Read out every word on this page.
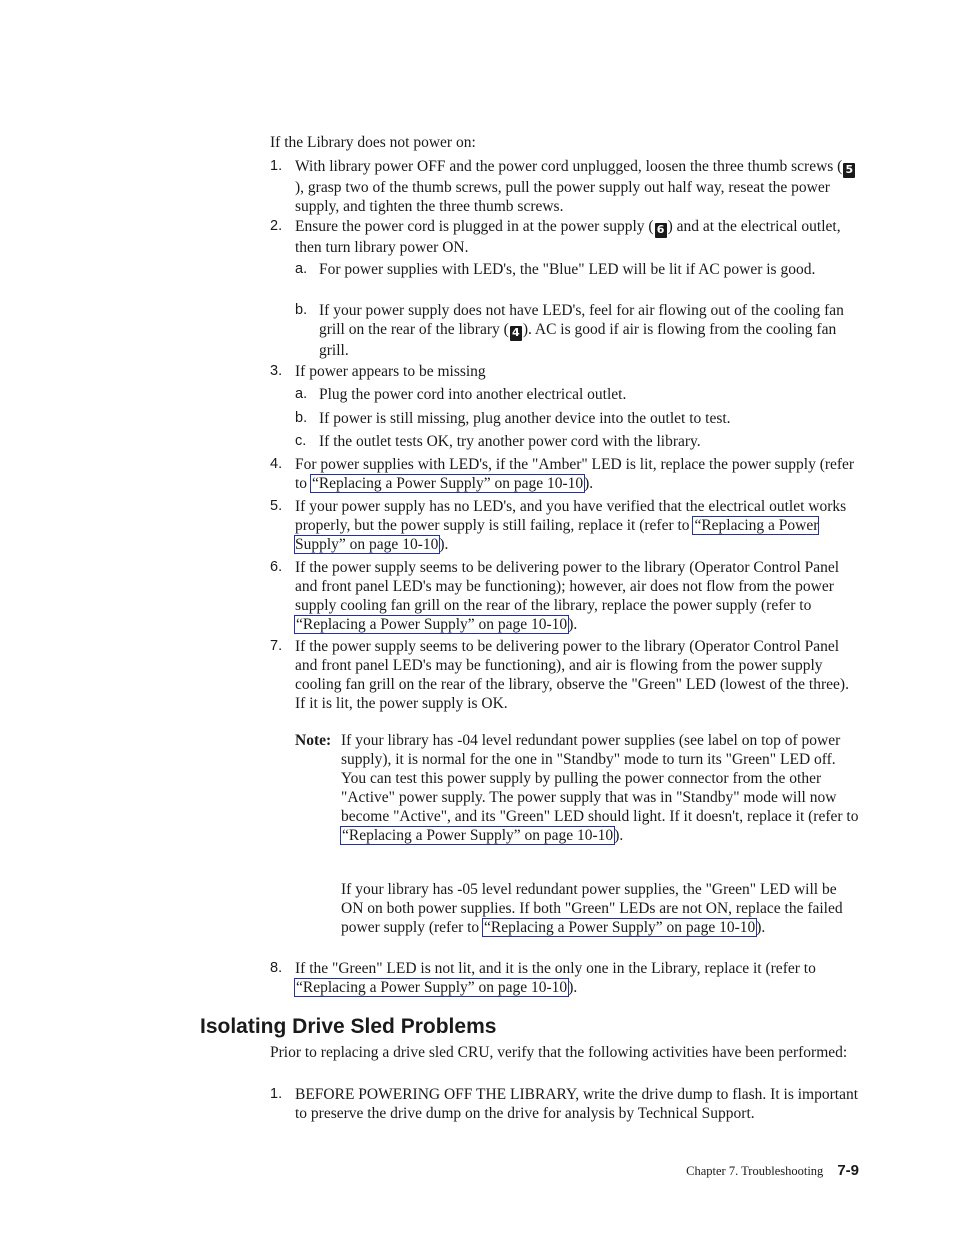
If the Library does not power on:

1. With library power OFF and the power cord unplugged, loosen the three thumb screws ( 5), grasp two of the thumb screws, pull the power supply out half way, reseat the power supply, and tighten the three thumb screws.

2. Ensure the power cord is plugged in at the power supply ( 6 ) and at the electrical outlet, then turn library power ON.

a. For power supplies with LED's, the "Blue" LED will be lit if AC power is good.

b. If your power supply does not have LED's, feel for air flowing out of the cooling fan grill on the rear of the library ( 4 ). AC is good if air is flowing from the cooling fan grill.

3. If power appears to be missing

a. Plug the power cord into another electrical outlet.

b. If power is still missing, plug another device into the outlet to test.

c. If the outlet tests OK, try another power cord with the library.

4. For power supplies with LED's, if the "Amber" LED is lit, replace the power supply (refer to “Replacing a Power Supply” on page 10-10).

5. If your power supply has no LED's, and you have verified that the electrical outlet works properly, but the power supply is still failing, replace it (refer to “Replacing a Power Supply” on page 10-10).

6. If the power supply seems to be delivering power to the library (Operator Control Panel and front panel LED's may be functioning); however, air does not flow from the power supply cooling fan grill on the rear of the library, replace the power supply (refer to “Replacing a Power Supply” on page 10-10).

7. If the power supply seems to be delivering power to the library (Operator Control Panel and front panel LED's may be functioning), and air is flowing from the power supply cooling fan grill on the rear of the library, observe the "Green" LED (lowest of the three). If it is lit, the power supply is OK.

Note: If your library has -04 level redundant power supplies (see label on top of power supply), it is normal for the one in "Standby" mode to turn its "Green" LED off. You can test this power supply by pulling the power connector from the other "Active" power supply. The power supply that was in "Standby" mode will now become "Active", and its "Green" LED should light. If it doesn't, replace it (refer to “Replacing a Power Supply” on page 10-10).

If your library has -05 level redundant power supplies, the "Green" LED will be ON on both power supplies. If both "Green" LEDs are not ON, replace the failed power supply (refer to “Replacing a Power Supply” on page 10-10).

8. If the "Green" LED is not lit, and it is the only one in the Library, replace it (refer to “Replacing a Power Supply” on page 10-10).

Isolating Drive Sled Problems

Prior to replacing a drive sled CRU, verify that the following activities have been performed:

1. BEFORE POWERING OFF THE LIBRARY, write the drive dump to flash. It is important to preserve the drive dump on the drive for analysis by Technical Support.

Chapter 7. Troubleshooting 7-9
